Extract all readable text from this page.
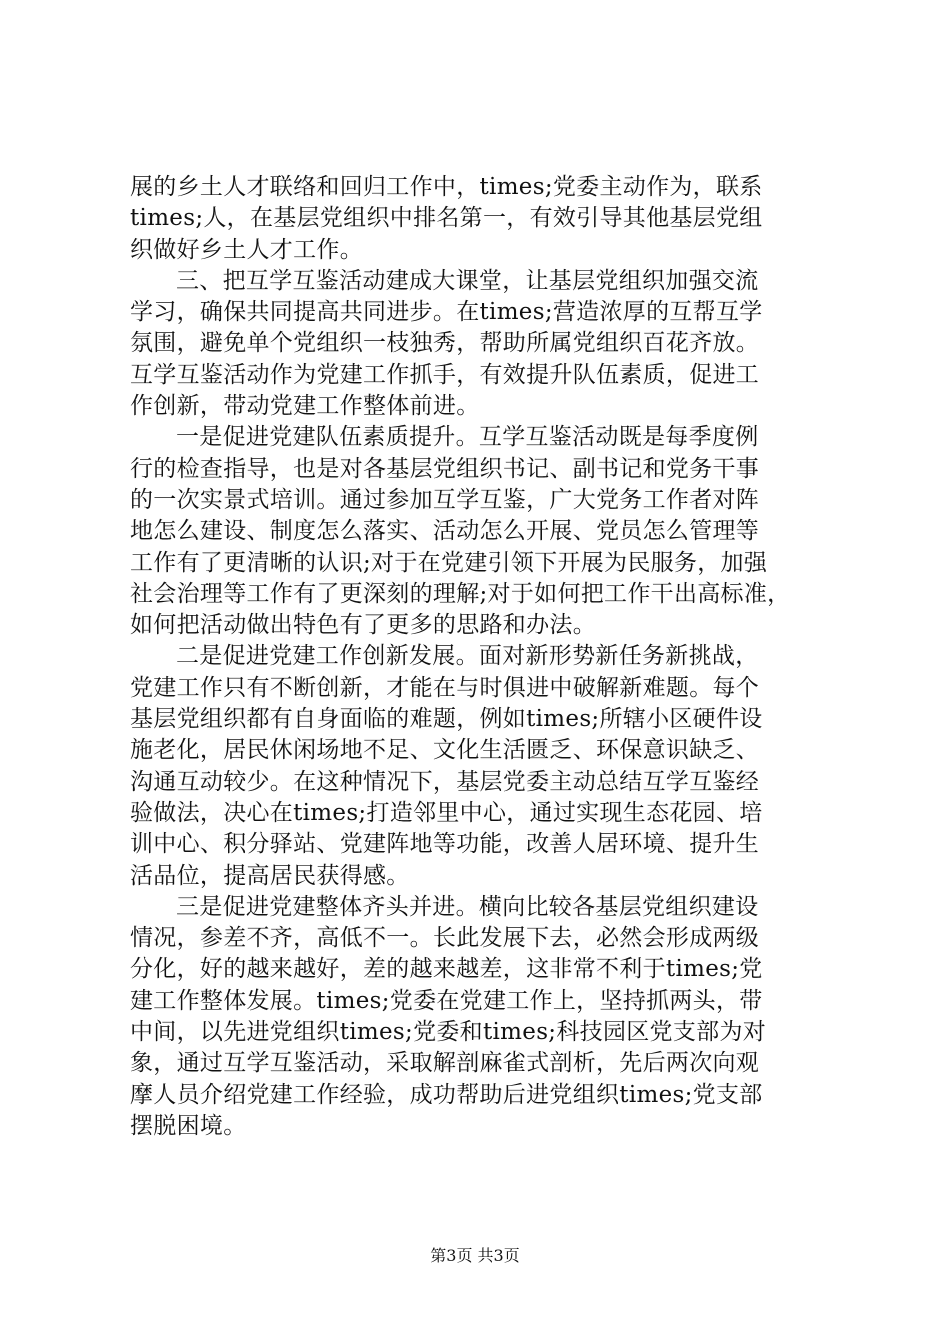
展的乡土人才联络和回归工作中，times;党委主动作为，联系
times;人，在基层党组织中排名第一，有效引导其他基层党组
织做好乡土人才工作。
三、把互学互鉴活动建成大课堂，让基层党组织加强交流
学习，确保共同提高共同进步。在times;营造浓厚的互帮互学
氛围，避免单个党组织一枝独秀，帮助所属党组织百花齐放。
互学互鉴活动作为党建工作抓手，有效提升队伍素质，促进工
作创新，带动党建工作整体前进。
一是促进党建队伍素质提升。互学互鉴活动既是每季度例
行的检查指导，也是对各基层党组织书记、副书记和党务干事
的一次实景式培训。通过参加互学互鉴，广大党务工作者对阵
地怎么建设、制度怎么落实、活动怎么开展、党员怎么管理等
工作有了更清晰的认识;对于在党建引领下开展为民服务，加强
社会治理等工作有了更深刻的理解;对于如何把工作干出高标准，
如何把活动做出特色有了更多的思路和办法。
二是促进党建工作创新发展。面对新形势新任务新挑战，
党建工作只有不断创新，才能在与时俱进中破解新难题。每个
基层党组织都有自身面临的难题，例如times;所辖小区硬件设
施老化，居民休闲场地不足、文化生活匮乏、环保意识缺乏、
沟通互动较少。在这种情况下，基层党委主动总结互学互鉴经
验做法，决心在times;打造邻里中心，通过实现生态花园、培
训中心、积分驿站、党建阵地等功能，改善人居环境、提升生
活品位，提高居民获得感。
三是促进党建整体齐头并进。横向比较各基层党组织建设
情况，参差不齐，高低不一。长此发展下去，必然会形成两级
分化，好的越来越好，差的越来越差，这非常不利于times;党
建工作整体发展。times;党委在党建工作上，坚持抓两头，带
中间，以先进党组织times;党委和times;科技园区党支部为对
象，通过互学互鉴活动，采取解剖麻雀式剖析，先后两次向观
摩人员介绍党建工作经验，成功帮助后进党组织times;党支部
摆脱困境。
第3页 共3页
